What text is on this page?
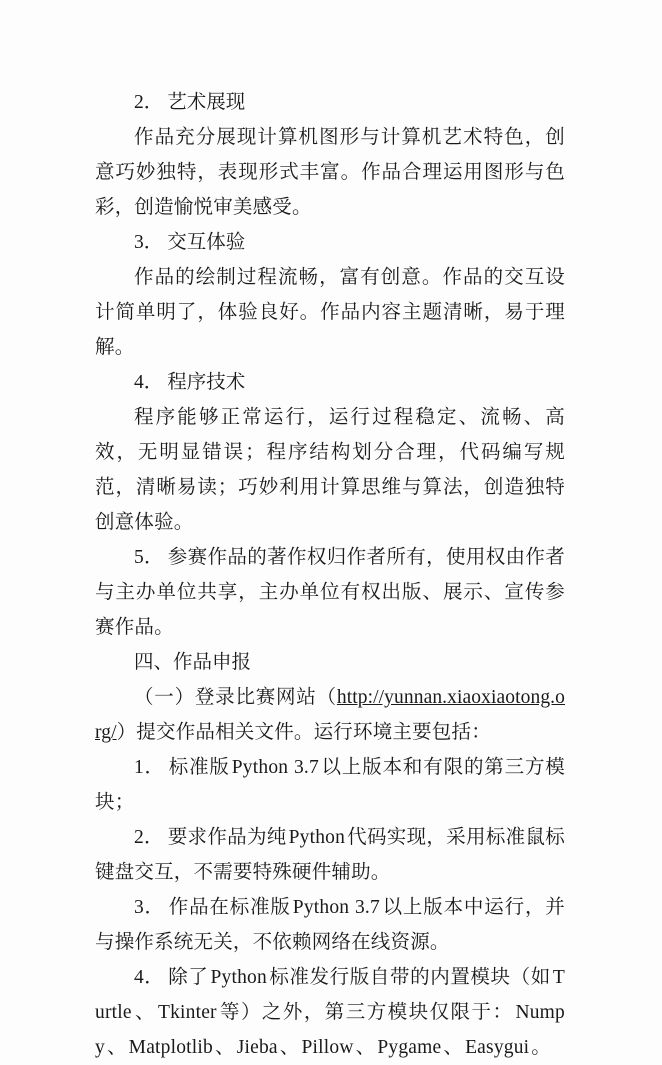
2． 艺术展现

作品充分展现计算机图形与计算机艺术特色，创意巧妙独特，表现形式丰富。作品合理运用图形与色彩，创造愉悦审美感受。

3． 交互体验

作品的绘制过程流畅，富有创意。作品的交互设计简单明了，体验良好。作品内容主题清晰，易于理解。

4． 程序技术

程序能够正常运行，运行过程稳定、流畅、高效，无明显错误；程序结构划分合理，代码编写规范，清晰易读；巧妙利用计算思维与算法，创造独特创意体验。

5． 参赛作品的著作权归作者所有，使用权由作者与主办单位共享，主办单位有权出版、展示、宣传参赛作品。

四、作品申报

（一）登录比赛网站（http://yunnan.xiaoxiaotong.org/）提交作品相关文件。运行环境主要包括：

1． 标准版 Python 3.7 以上版本和有限的第三方模块；

2． 要求作品为纯 Python 代码实现，采用标准鼠标键盘交互，不需要特殊硬件辅助。

3． 作品在标准版 Python 3.7 以上版本中运行，并与操作系统无关，不依赖网络在线资源。

4． 除了 Python 标准发行版自带的内置模块（如 Turtle 、 Tkinter 等）之外，第三方模块仅限于： Numpy 、 Matplotlib 、 Jieba 、 Pillow 、 Pygame 、 Easygui 。
